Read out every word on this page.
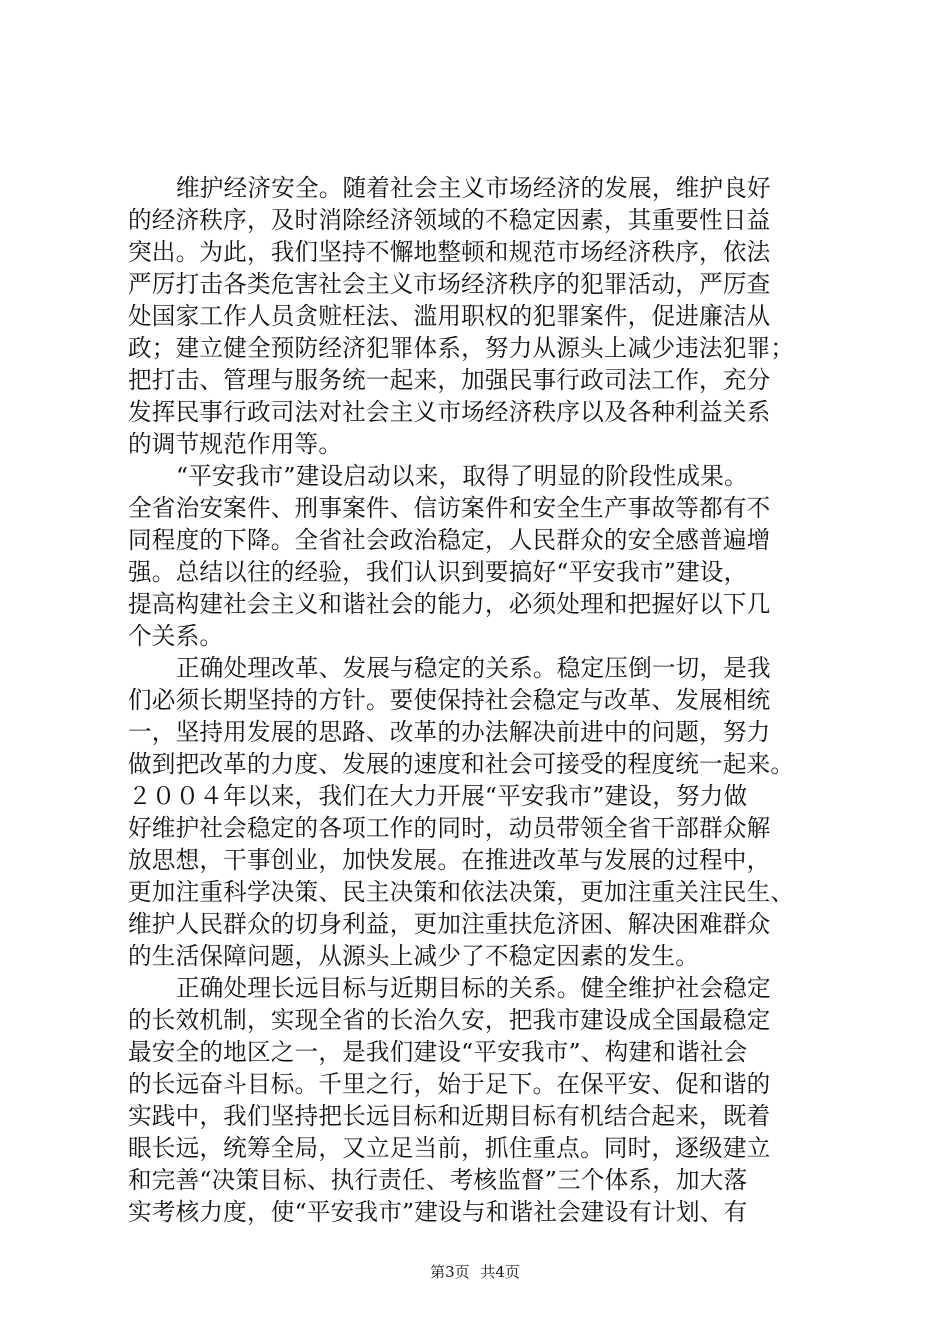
维护经济安全。随着社会主义市场经济的发展，维护良好
的经济秩序，及时消除经济领域的不稳定因素，其重要性日益
突出。为此，我们坚持不懈地整顿和规范市场经济秩序，依法
严厉打击各类危害社会主义市场经济秩序的犯罪活动，严厉查
处国家工作人员贪赃枉法、滥用职权的犯罪案件，促进廉洁从
政；建立健全预防经济犯罪体系，努力从源头上减少违法犯罪；
把打击、管理与服务统一起来，加强民事行政司法工作，充分
发挥民事行政司法对社会主义市场经济秩序以及各种利益关系
的调节规范作用等。
“平安我市”建设启动以来，取得了明显的阶段性成果。
全省治安案件、刑事案件、信访案件和安全生产事故等都有不
同程度的下降。全省社会政治稳定，人民群众的安全感普遍增
强。总结以往的经验，我们认识到要搞好“平安我市”建设，
提高构建社会主义和谐社会的能力，必须处理和把握好以下几
个关系。
正确处理改革、发展与稳定的关系。稳定压倒一切，是我
们必须长期坚持的方针。要使保持社会稳定与改革、发展相统
一，坚持用发展的思路、改革的办法解决前进中的问题，努力
做到把改革的力度、发展的速度和社会可接受的程度统一起来。
２００４年以来，我们在大力开展“平安我市”建设，努力做
好维护社会稳定的各项工作的同时，动员带领全省干部群众解
放思想，干事创业，加快发展。在推进改革与发展的过程中，
更加注重科学决策、民主决策和依法决策，更加注重关注民生、
维护人民群众的切身利益，更加注重扶危济困、解决困难群众
的生活保障问题，从源头上减少了不稳定因素的发生。
正确处理长远目标与近期目标的关系。健全维护社会稳定
的长效机制，实现全省的长治久安，把我市建设成全国最稳定
最安全的地区之一，是我们建设“平安我市”、构建和谐社会
的长远奋斗目标。千里之行，始于足下。在保平安、促和谐的
实践中，我们坚持把长远目标和近期目标有机结合起来，既着
眼长远，统筹全局，又立足当前，抓住重点。同时，逐级建立
和完善“决策目标、执行责任、考核监督”三个体系，加大落
实考核力度，使“平安我市”建设与和谐社会建设有计划、有
第3页 共4页
